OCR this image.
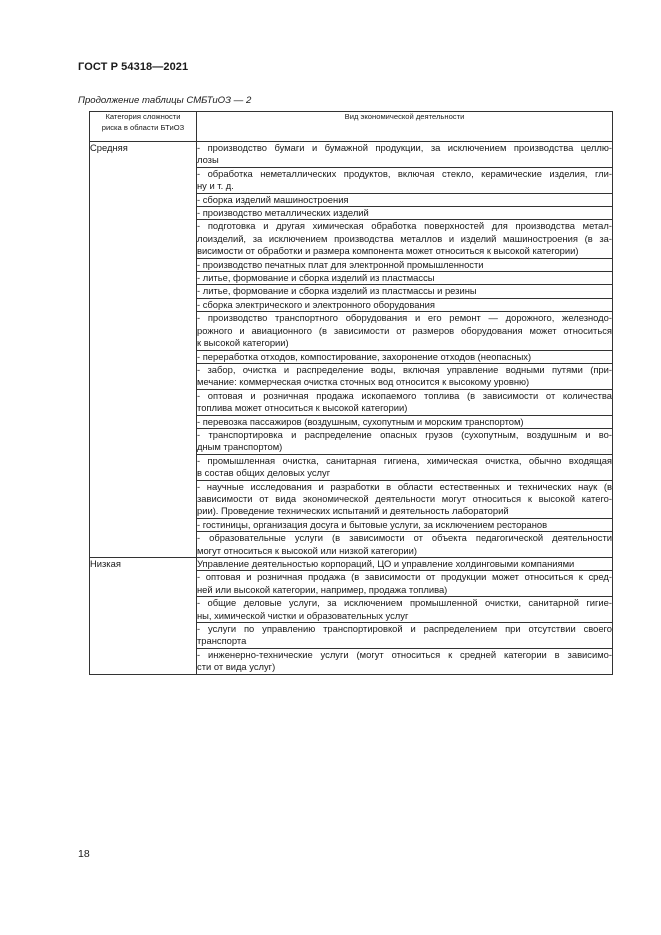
ГОСТ Р 54318—2021
Продолжение таблицы СМБТиОЗ — 2
Категория сложности
риска в области БТиОЗ	Вид экономической деятельности

Средняя	- производство бумаги и бумажной продукции, за исключением производства целлю-
лозы

	- обработка неметаллических продуктов, включая стекло, керамические изделия, гли-
ну и т. д.

	- сборка изделий машиностроения

	- производство металлических изделий

	- подготовка и другая химическая обработка поверхностей для производства метал-
лоизделий, за исключением производства металлов и изделий машиностроения (в за-
висимости от обработки и размера компонента может относиться к высокой категории)

	- производство печатных плат для электронной промышленности

	- литье, формование и сборка изделий из пластмассы

	- литье, формование и сборка изделий из пластмассы и резины

	- сборка электрического и электронного оборудования

	- производство транспортного оборудования и его ремонт — дорожного, железнодо-
рожного и авиационного (в зависимости от размеров оборудования может относиться
к высокой категории)

	- переработка отходов, компостирование, захоронение отходов (неопасных)

	- забор, очистка и распределение воды, включая управление водными путями (при-
мечание: коммерческая очистка сточных вод относится к высокому уровню)

	- оптовая и розничная продажа ископаемого топлива (в зависимости от количества
топлива может относиться к высокой категории)

	- перевозка пассажиров (воздушным, сухопутным и морским транспортом)

	- транспортировка и распределение опасных грузов (сухопутным, воздушным и во-
дным транспортом)

	- промышленная очистка, санитарная гигиена, химическая очистка, обычно входящая
в состав общих деловых услуг

	- научные исследования и разработки в области естественных и технических наук (в
зависимости от вида экономической деятельности могут относиться к высокой катего-
рии). Проведение технических испытаний и деятельность лабораторий

	- гостиницы, организация досуга и бытовые услуги, за исключением ресторанов

	- образовательные услуги (в зависимости от объекта педагогической деятельности
могут относиться к высокой или низкой категории)

Низкая	Управление деятельностью корпораций, ЦО и управление холдинговыми компаниями

	- оптовая и розничная продажа (в зависимости от продукции может относиться к сред-
ней или высокой категории, например, продажа топлива)

	- общие деловые услуги, за исключением промышленной очистки, санитарной гигие-
ны, химической чистки и образовательных услуг

	- услуги по управлению транспортировкой и распределением при отсутствии своего
транспорта

	- инженерно-технические услуги (могут относиться к средней категории в зависимо-
сти от вида услуг)
18
